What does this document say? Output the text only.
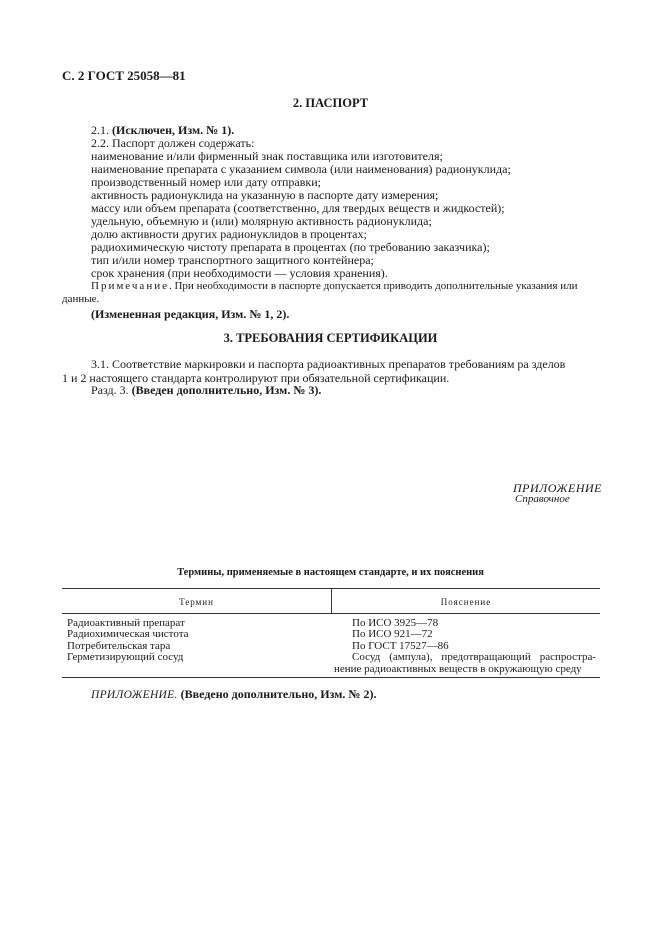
С. 2 ГОСТ 25058—81
2. ПАСПОРТ
2.1. (Исключен, Изм. № 1).
2.2. Паспорт должен содержать:
наименование и/или фирменный знак поставщика или изготовителя;
наименование препарата с указанием символа (или наименования) радионуклида;
производственный номер или дату отправки;
активность радионуклида на указанную в паспорте дату измерения;
массу или объем препарата (соответственно, для твердых веществ и жидкостей);
удельную, объемную и (или) молярную активность радионуклида;
долю активности других радионуклидов в процентах;
радиохимическую чистоту препарата в процентах (по требованию заказчика);
тип и/или номер транспортного защитного контейнера;
срок хранения (при необходимости — условия хранения).
Примечание. При необходимости в паспорте допускается приводить дополнительные указания или
данные.
(Измененная редакция, Изм. № 1, 2).
3. ТРЕБОВАНИЯ СЕРТИФИКАЦИИ
3.1. Соответствие маркировки и паспорта радиоактивных препаратов требованиям ра зделов
1 и 2 настоящего стандарта контролируют при обязательной сертификации.
Разд. 3. (Введен дополнительно, Изм. № 3).
ПРИЛОЖЕНИЕ
Справочное
Термины, применяемые в настоящем стандарте, и их пояснения
Термин	Пояснение
Радиоактивный препарат	По ИСО 3925—78
Радиохимическая чистота	По ИСО 921—72
Потребительская тара	По ГОСТ 17527—86
Герметизирующий сосуд	Сосуд (ампула), предотвращающий распростра-
нение радиоактивных веществ в окружающую среду
ПРИЛОЖЕНИЕ. (Введено дополнительно, Изм. № 2).
